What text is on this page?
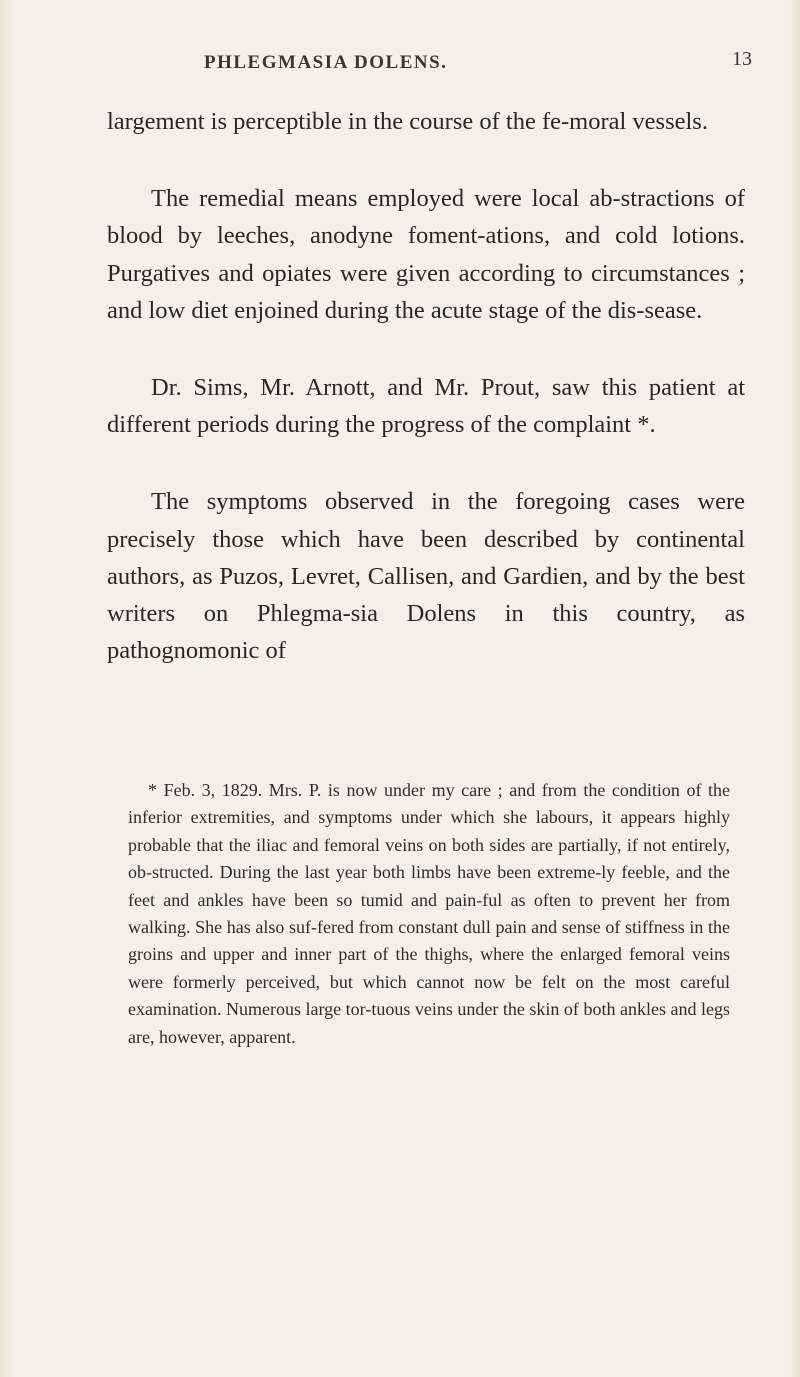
PHLEGMASIA DOLENS.	13

largement is perceptible in the course of the fe-moral vessels.

The remedial means employed were local ab-stractions of blood by leeches, anodyne foment-ations, and cold lotions. Purgatives and opiates were given according to circumstances ; and low diet enjoined during the acute stage of the dis-sease.

Dr. Sims, Mr. Arnott, and Mr. Prout, saw this patient at different periods during the progress of the complaint *.

The symptoms observed in the foregoing cases were precisely those which have been described by continental authors, as Puzos, Levret, Callisen, and Gardien, and by the best writers on Phlegma-sia Dolens in this country, as pathognomonic of

* Feb. 3, 1829. Mrs. P. is now under my care ; and from the condition of the inferior extremities, and symptoms under which she labours, it appears highly probable that the iliac and femoral veins on both sides are partially, if not entirely, ob-structed. During the last year both limbs have been extreme-ly feeble, and the feet and ankles have been so tumid and pain-ful as often to prevent her from walking. She has also suf-fered from constant dull pain and sense of stiffness in the groins and upper and inner part of the thighs, where the enlarged femoral veins were formerly perceived, but which cannot now be felt on the most careful examination. Numerous large tor-tuous veins under the skin of both ankles and legs are, however, apparent.
